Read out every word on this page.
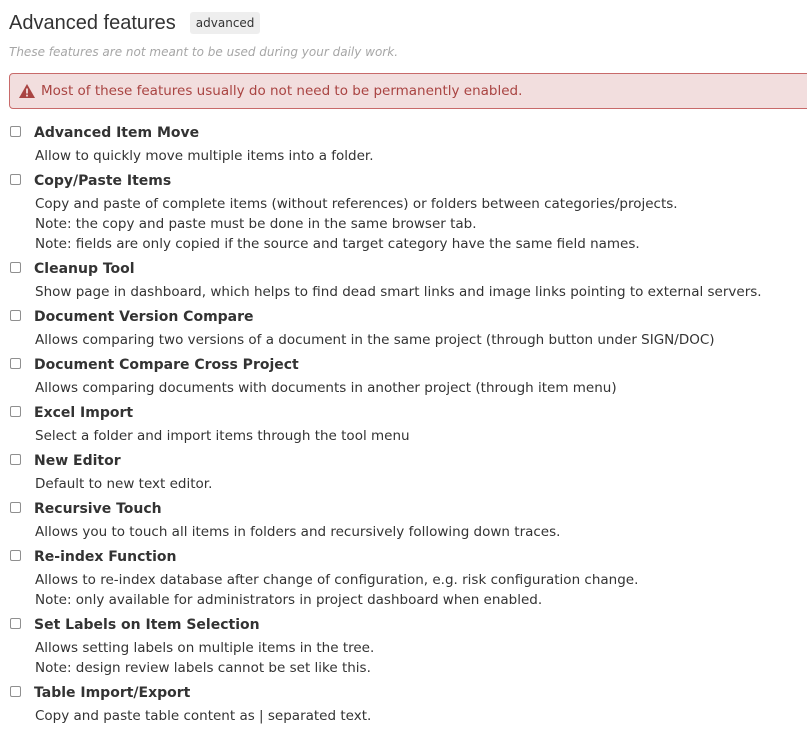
Advanced features	advanced
These features are not meant to be used during your daily work.
Most of these features usually do not need to be permanently enabled.
Advanced Item Move
Allow to quickly move multiple items into a folder.
Copy/Paste Items
Copy and paste of complete items (without references) or folders between categories/projects.
Note: the copy and paste must be done in the same browser tab.
Note: fields are only copied if the source and target category have the same field names.
Cleanup Tool
Show page in dashboard, which helps to find dead smart links and image links pointing to external servers.
Document Version Compare
Allows comparing two versions of a document in the same project (through button under SIGN/DOC)
Document Compare Cross Project
Allows comparing documents with documents in another project (through item menu)
Excel Import
Select a folder and import items through the tool menu
New Editor
Default to new text editor.
Recursive Touch
Allows you to touch all items in folders and recursively following down traces.
Re-index Function
Allows to re-index database after change of configuration, e.g. risk configuration change.
Note: only available for administrators in project dashboard when enabled.
Set Labels on Item Selection
Allows setting labels on multiple items in the tree.
Note: design review labels cannot be set like this.
Table Import/Export
Copy and paste table content as | separated text.
